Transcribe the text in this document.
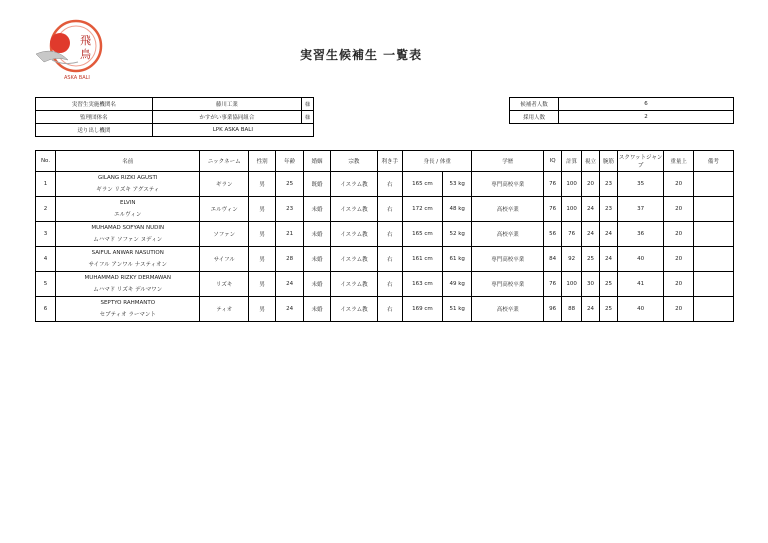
飛
鳥
ASKA BALI
実習生候補生 一覧表
実習生実施機関名	藤川工業	様
監理団体名	かすがい事業協同組合	様
送り出し機関	LPK ASKA BALI	
候補者人数	6
採用人数	2
No.	名前	ニックネーム	性別	年齢	婚姻	宗教	利き手	身長 / 体重		学歴	IQ	計算	視立	腕筋	スクワットジャンプ	重量上	備考
1	GILANG RIZKI AGUSTI
ギラン リズキ アグスティ	ギラン	男	25	既婚	イスラム教	右	165 cm	53 kg	専門高校卒業	76	100	20	23	35	20	
2	ELVIN
エルヴィン	エルヴィン	男	23	未婚	イスラム教	右	172 cm	48 kg	高校卒業	76	100	24	23	37	20	
3	MUHAMAD SOFYAN NUDIN
ムハマド ソファン ヌディン	ソファン	男	21	未婚	イスラム教	右	165 cm	52 kg	高校卒業	56	76	24	24	36	20	
4	SAIFUL ANWAR NASUTION
サイフル アンワル ナスティオン	サイフル	男	28	未婚	イスラム教	右	161 cm	61 kg	専門高校卒業	84	92	25	24	40	20	
5	MUHAMMAD RIZKY DERMAWAN
ムハマド リズキ デルマワン	リズキ	男	24	未婚	イスラム教	右	163 cm	49 kg	専門高校卒業	76	100	30	25	41	20	
6	SEPTYO RAHMANTO
セプティオ ラーマント	ティオ	男	24	未婚	イスラム教	右	169 cm	51 kg	高校卒業	96	88	24	25	40	20	
